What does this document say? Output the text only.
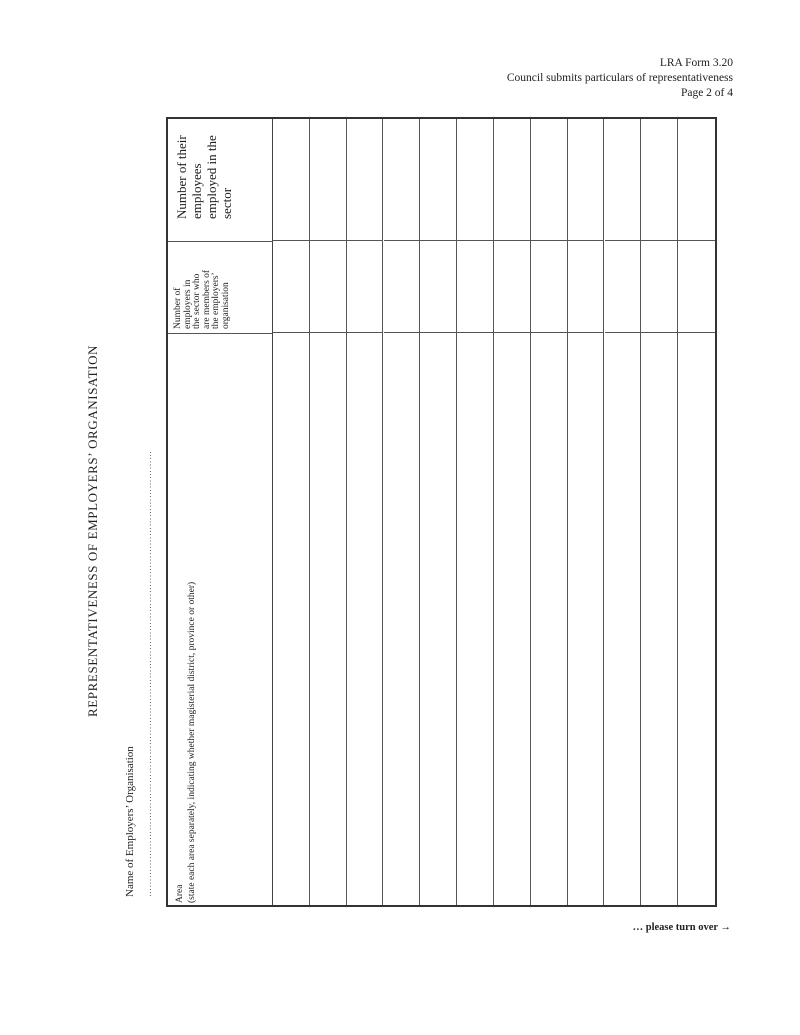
LRA Form 3.20
Council submits particulars of representativeness
Page 2 of 4
REPRESENTATIVENESS OF EMPLOYERS’ ORGANISATION
Name of Employers’ Organisation ……………………………………………………………………………………………………………………………
Number of their employees employed in the sector
Number of employers in the sector who are members of the employers’ organisation
Area (state each area separately, indicating whether magisterial district, province or other)
… please turn over →
